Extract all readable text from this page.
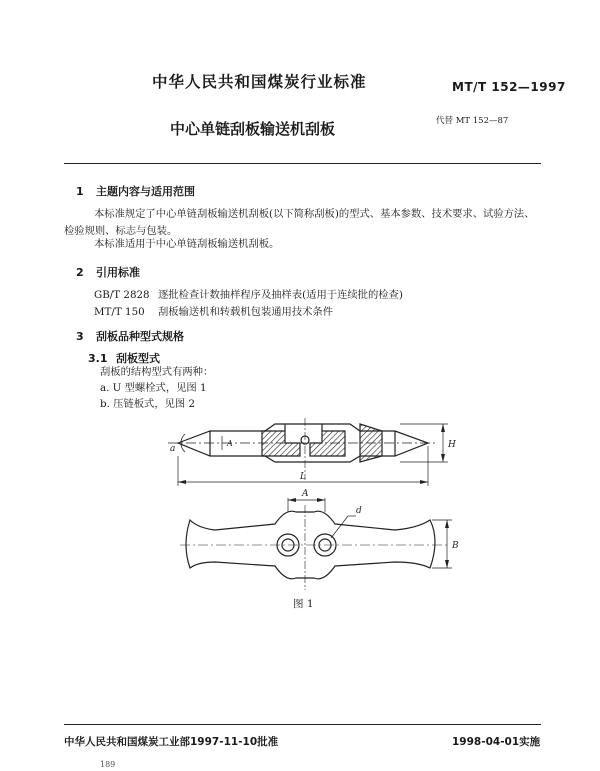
中华人民共和国煤炭行业标准	MT/T 152—1997
中心单链刮板输送机刮板	代替 MT 152—87
1 主题内容与适用范围
本标准规定了中心单链刮板输送机刮板(以下简称刮板)的型式、基本参数、技术要求、试验方法、检验规则、标志与包装。
本标准适用于中心单链刮板输送机刮板。
2 引用标准
GB/T 2828 逐批检查计数抽样程序及抽样表(适用于连续批的检查)
MT/T 150 刮板输送机和转载机包装通用技术条件
3 刮板品种型式规格
3.1 刮板型式
刮板的结构型式有两种：
a. U 型螺栓式，见图 1
b. 压链板式，见图 2
a
A
L
H
A
d
B
图 1
中华人民共和国煤炭工业部1997-11-10批准	1998-04-01实施
189
